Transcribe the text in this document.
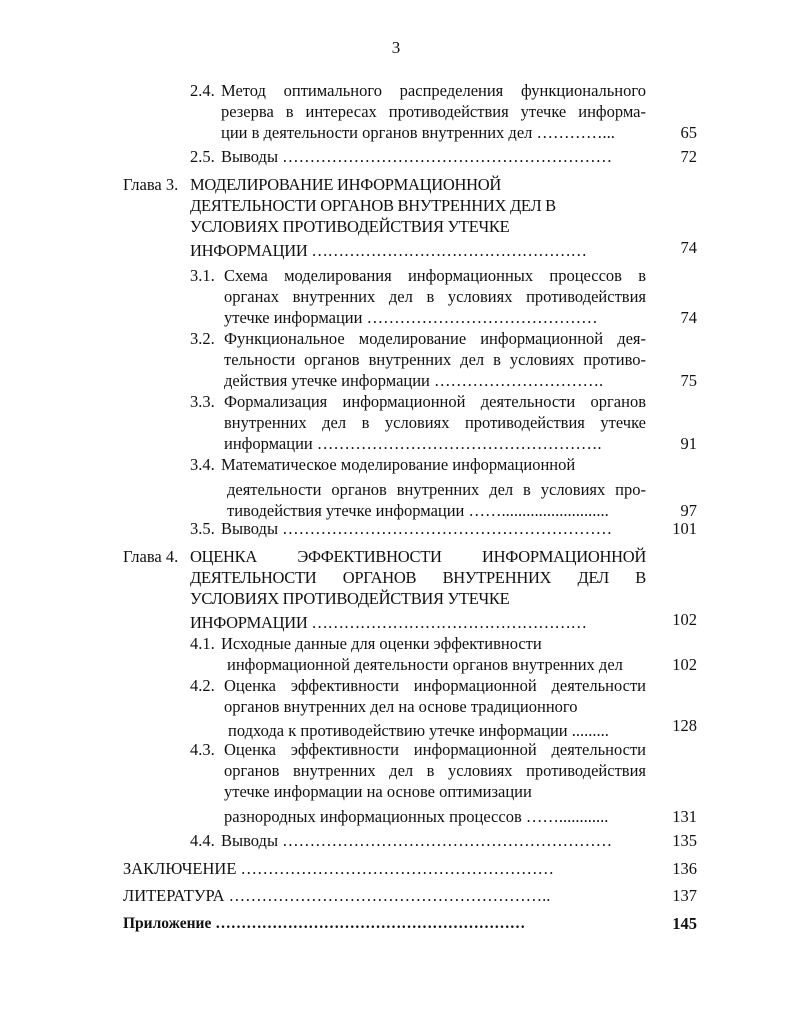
3
2.4. Метод оптимального распределения функционального
резерва в интересах противодействия утечке информа-
ции в деятельности органов внутренних дел …………...	65
2.5. Выводы ……………………………………………………	72
Глава 3. МОДЕЛИРОВАНИЕ ИНФОРМАЦИОННОЙ
ДЕЯТЕЛЬНОСТИ ОРГАНОВ ВНУТРЕННИХ ДЕЛ В
УСЛОВИЯХ ПРОТИВОДЕЙСТВИЯ УТЕЧКЕ
ИНФОРМАЦИИ ……………………………………………	74
3.1. Схема моделирования информационных процессов в
органах внутренних дел в условиях противодействия
утечке информации ……………………………………	74
3.2. Функциональное моделирование информационной дея-
тельности органов внутренних дел в условиях противо-
действия утечке информации ………………………….	75
3.3. Формализация информационной деятельности органов
внутренних дел в условиях противодействия утечке
информации …………………………………………….	91
3.4. Математическое моделирование информационной
деятельности органов внутренних дел в условиях про-
тиводействия утечке информации ……..........................	97
3.5. Выводы ……………………………………………………	101
Глава 4. ОЦЕНКА ЭФФЕКТИВНОСТИ ИНФОРМАЦИОННОЙ
ДЕЯТЕЛЬНОСТИ ОРГАНОВ ВНУТРЕННИХ ДЕЛ В
УСЛОВИЯХ ПРОТИВОДЕЙСТВИЯ УТЕЧКЕ
ИНФОРМАЦИИ ……………………………………………	102
4.1. Исходные данные для оценки эффективности
информационной деятельности органов внутренних дел	102
4.2. Оценка эффективности информационной деятельности
органов внутренних дел на основе традиционного
подхода к противодействию утечке информации .........	128
4.3. Оценка эффективности информационной деятельности
органов внутренних дел в условиях противодействия
утечке информации на основе оптимизации
разнородных информационных процессов ……............	131
4.4. Выводы ……………………………………………………	135
ЗАКЛЮЧЕНИЕ …………………………………………………	136
ЛИТЕРАТУРА …………………………………………………..	137
Приложение ……………………………………………………	145
